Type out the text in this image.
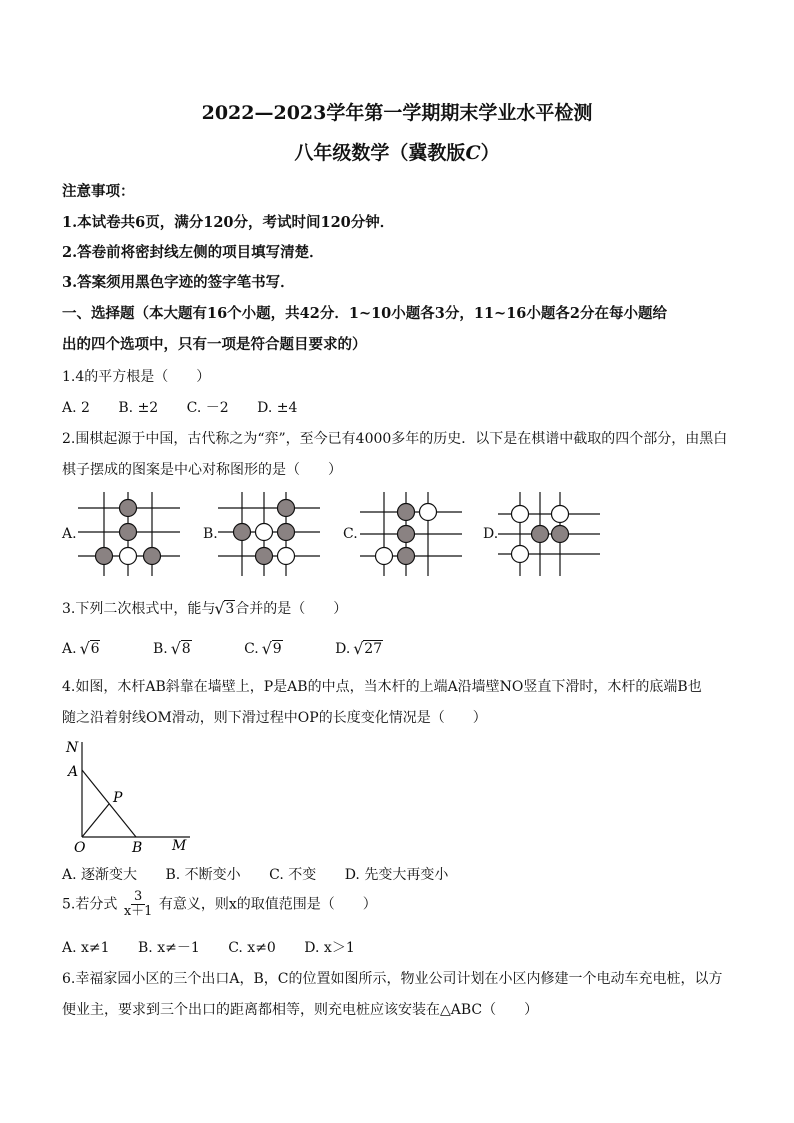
2022—2023学年第一学期期末学业水平检测
八年级数学（冀教版C）
注意事项：
1.本试卷共6页，满分120分，考试时间120分钟．
2.答卷前将密封线左侧的项目填写清楚．
3.答案须用黑色字迹的签字笔书写．
一、选择题（本大题有16个小题，共42分．1~10小题各3分，11~16小题各2分在每小题给
出的四个选项中，只有一项是符合题目要求的）
1.4的平方根是（　　）
A. 2 B. ±2 C. －2 D. ±4
2.围棋起源于中国，古代称之为“弈”，至今已有4000多年的历史．以下是在棋谱中截取的四个部分，由黑白
棋子摆成的图案是中心对称图形的是（　　）
A.	B.	C.	D.
3.下列二次根式中，能与 √ 3合并的是（　　）
A. √ 6	B. √ 8	C. √ 9	D. √ 27
4.如图，木杆AB斜靠在墙壁上，P是AB的中点，当木杆的上端A沿墙壁NO竖直下滑时，木杆的底端B也
随之沿着射线OM滑动，则下滑过程中OP的长度变化情况是（　　）
N
A
P
O	B M
A. 逐渐变大 B. 不断变小 C. 不变 D. 先变大再变小
5.若分式 $\frac{3}{x+1}$ 有意义，则x的取值范围是（　　）
A. x≠1 B. x≠－1 C. x≠0 D. x＞1
6.幸福家园小区的三个出口A，B，C的位置如图所示，物业公司计划在小区内修建一个电动车充电桩，以方
便业主，要求到三个出口的距离都相等，则充电桩应该安装在△ABC（　　）
